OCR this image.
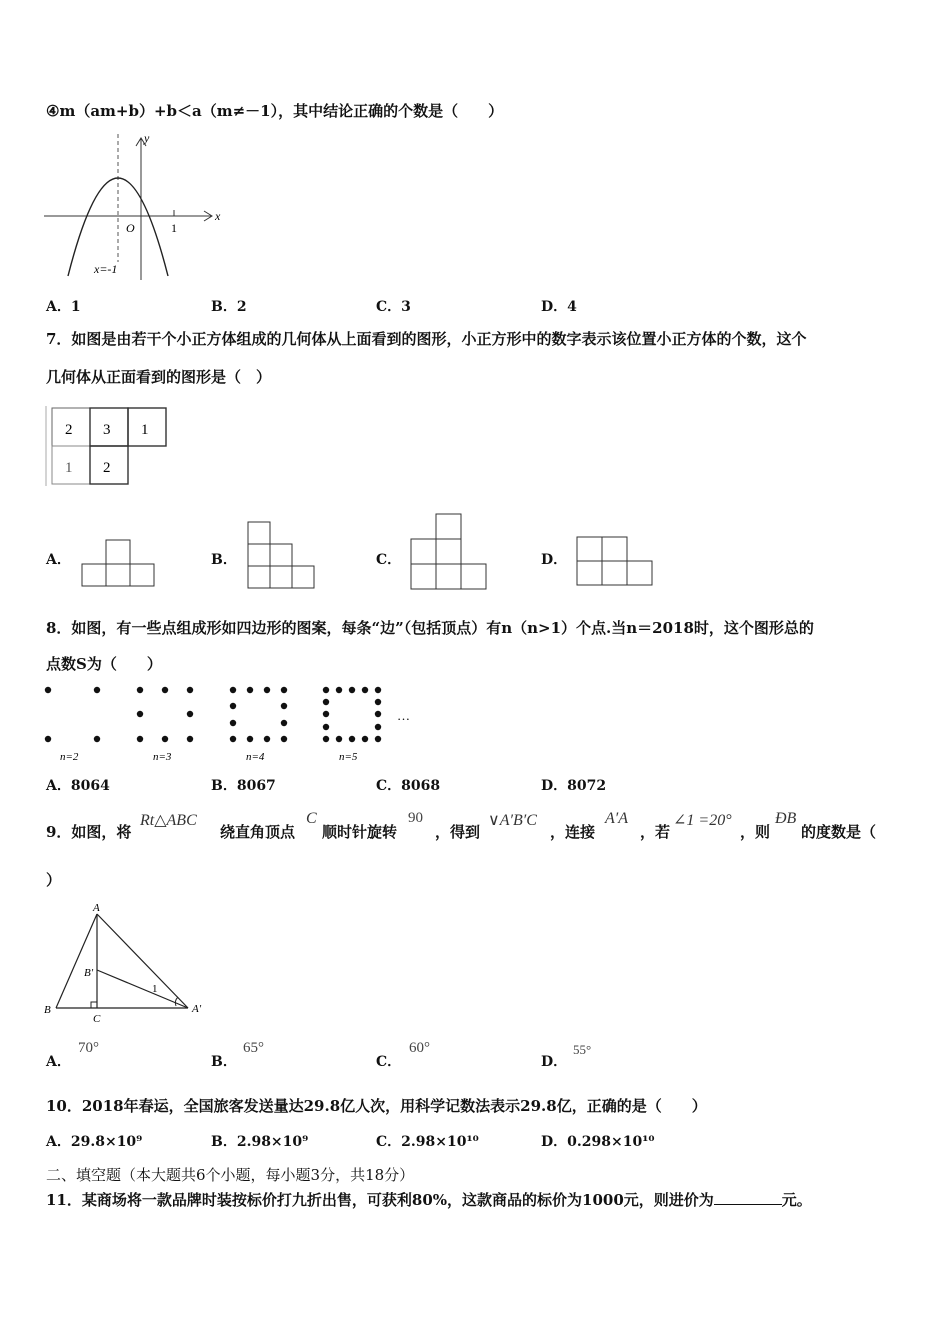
④m（am+b）+b＜a（m≠－1），其中结论正确的个数是（　　）
y
x
O	1
x=-1
A．1	B．2	C．3	D．4
7．如图是由若干个小正方体组成的几何体从上面看到的图形，小正方形中的数字表示该位置小正方体的个数，这个
几何体从正面看到的图形是（　）
2 3 1
1 2
A．	B．	C．	D．
8．如图，有一些点组成形如四边形的图案，每条“边”（包括顶点）有n（n>1）个点.当n＝2018时，这个图形总的
点数S为（　　）
…
n=2	n=3	n=4	n=5
A．8064	B．8067	C．8068	D．8072
9．如图，将
Rt△ABC
绕直角顶点
C
顺时针旋转
90
，得到
∨A′B′C
，连接
A′A
，若
∠1 =20°
，则
ÐB
的度数是（
）
A
B
B′
C
A′
1
A．
70°
B．
65°
C．
60°
D．
55°
10．2018年春运，全国旅客发送量达29.8亿人次，用科学记数法表示29.8亿，正确的是（　　）
A．29.8×10⁹	B．2.98×10⁹	C．2.98×10¹⁰	D．0.298×10¹⁰
二、填空题（本大题共6个小题，每小题3分，共18分）
11．某商场将一款品牌时装按标价打九折出售，可获利80%，这款商品的标价为1000元，则进价为	元。
